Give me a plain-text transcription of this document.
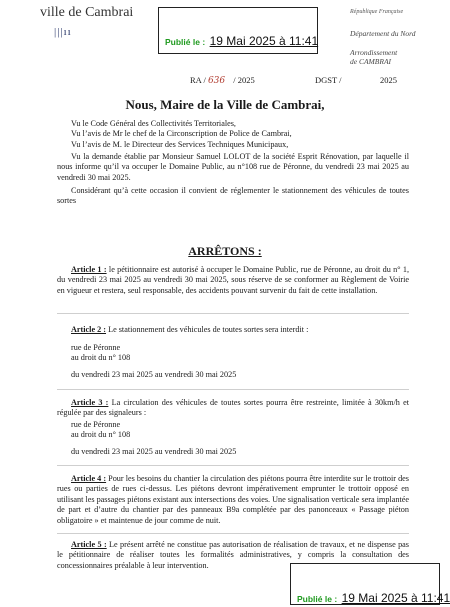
ville de Cambrai
|||ıı
Publié le : 19 Mai 2025 à 11:41
République Française
Département du Nord
Arrondissement
de CAMBRAI
RA / 636 / 2025	DGST /	2025
Nous, Maire de la Ville de Cambrai,
Vu le Code Général des Collectivités Territoriales,
Vu l’avis de Mr le chef de la Circonscription de Police de Cambrai,
Vu l’avis de M. le Directeur des Services Techniques Municipaux,
Vu la demande établie par Monsieur Samuel LOLOT de la société Esprit Rénovation, par laquelle il nous informe qu’il va occuper le Domaine Public, au n°108 rue de Péronne, du vendredi 23 mai 2025 au vendredi 30 mai 2025.
Considérant qu’à cette occasion il convient de réglementer le stationnement des véhicules de toutes sortes
ARRÊTONS :
Article 1 : le pétitionnaire est autorisé à occuper le Domaine Public, rue de Péronne, au droit du n° 1, du vendredi 23 mai 2025 au vendredi 30 mai 2025, sous réserve de se conformer au Règlement de Voirie en vigueur et restera, seul responsable, des accidents pouvant survenir du fait de cette installation.
Article 2 : Le stationnement des véhicules de toutes sortes sera interdit :
rue de Péronne
au droit du n° 108
du vendredi 23 mai 2025 au vendredi 30 mai 2025
Article 3 : La circulation des véhicules de toutes sortes pourra être restreinte, limitée à 30km/h et régulée par des signaleurs :
rue de Péronne
au droit du n° 108
du vendredi 23 mai 2025 au vendredi 30 mai 2025
Article 4 : Pour les besoins du chantier la circulation des piétons pourra être interdite sur le trottoir des rues ou parties de rues ci-dessus. Les piétons devront impérativement emprunter le trottoir opposé en utilisant les passages piétons existant aux intersections des voies. Une signalisation verticale sera implantée de part et d’autre du chantier par des panneaux B9a complétée par des panonceaux « Passage piéton obligatoire » et maintenue de jour comme de nuit.
Article 5 : Le présent arrêté ne constitue pas autorisation de réalisation de travaux, et ne dispense pas le pétitionnaire de réaliser toutes les formalités administratives, y compris la consultation des concessionnaires préalable à leur intervention.
Publié le : 19 Mai 2025 à 11:41
